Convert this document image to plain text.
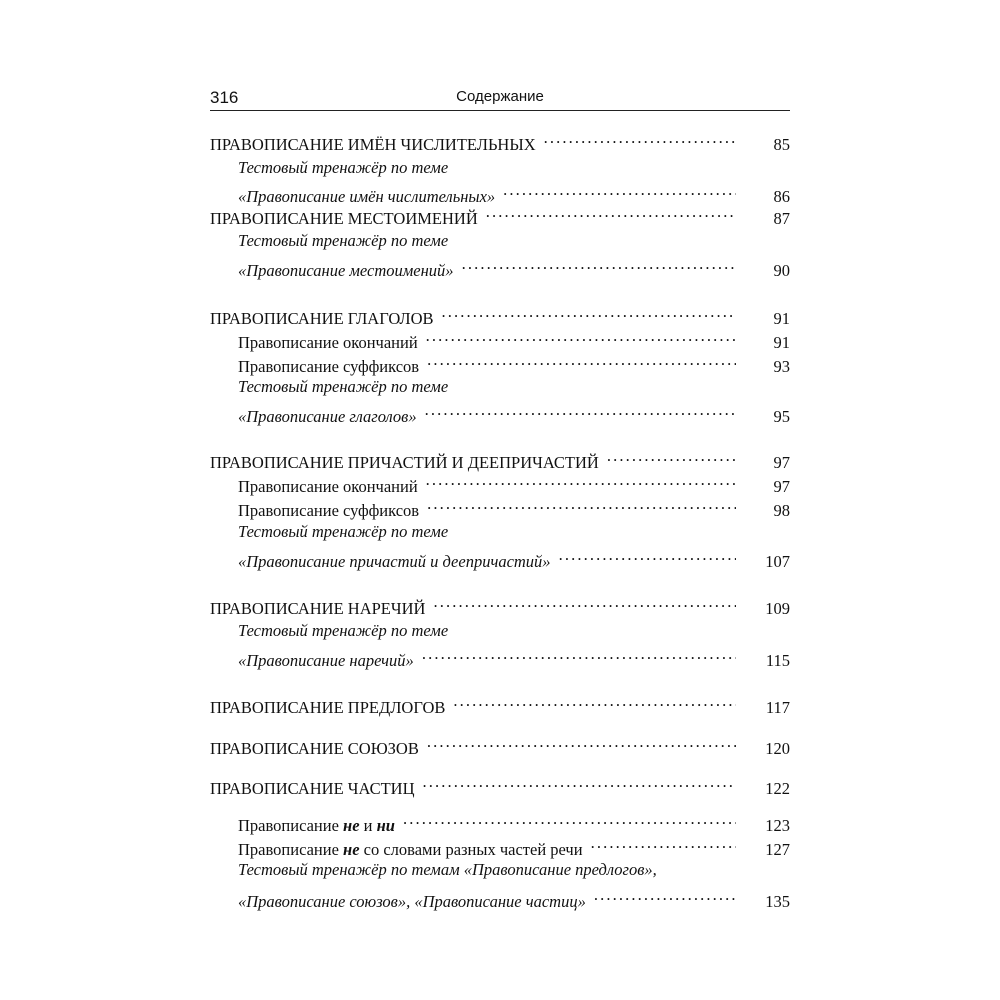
316	Содержание
ПРАВОПИСАНИЕ ИМЁН ЧИСЛИТЕЛЬНЫХ . . .	85
Тестовый тренажёр по теме
«Правописание имён числительных» . . .	86
ПРАВОПИСАНИЕ МЕСТОИМЕНИЙ . . .	87
Тестовый тренажёр по теме
«Правописание местоимений» . . .	90
ПРАВОПИСАНИЕ ГЛАГОЛОВ . . .	91
Правописание окончаний . . .	91
Правописание суффиксов . . .	93
Тестовый тренажёр по теме
«Правописание глаголов» . . .	95
ПРАВОПИСАНИЕ ПРИЧАСТИЙ И ДЕЕПРИЧАСТИЙ . . .	97
Правописание окончаний . . .	97
Правописание суффиксов . . .	98
Тестовый тренажёр по теме
«Правописание причастий и деепричастий» . . .	107
ПРАВОПИСАНИЕ НАРЕЧИЙ . . .	109
Тестовый тренажёр по теме
«Правописание наречий» . . .	115
ПРАВОПИСАНИЕ ПРЕДЛОГОВ . . .	117
ПРАВОПИСАНИЕ СОЮЗОВ . . .	120
ПРАВОПИСАНИЕ ЧАСТИЦ . . .	122
Правописание не и ни . . .	123
Правописание не со словами разных частей речи . . .	127
Тестовый тренажёр по темам «Правописание предлогов»,
«Правописание союзов», «Правописание частиц» . . .	135
